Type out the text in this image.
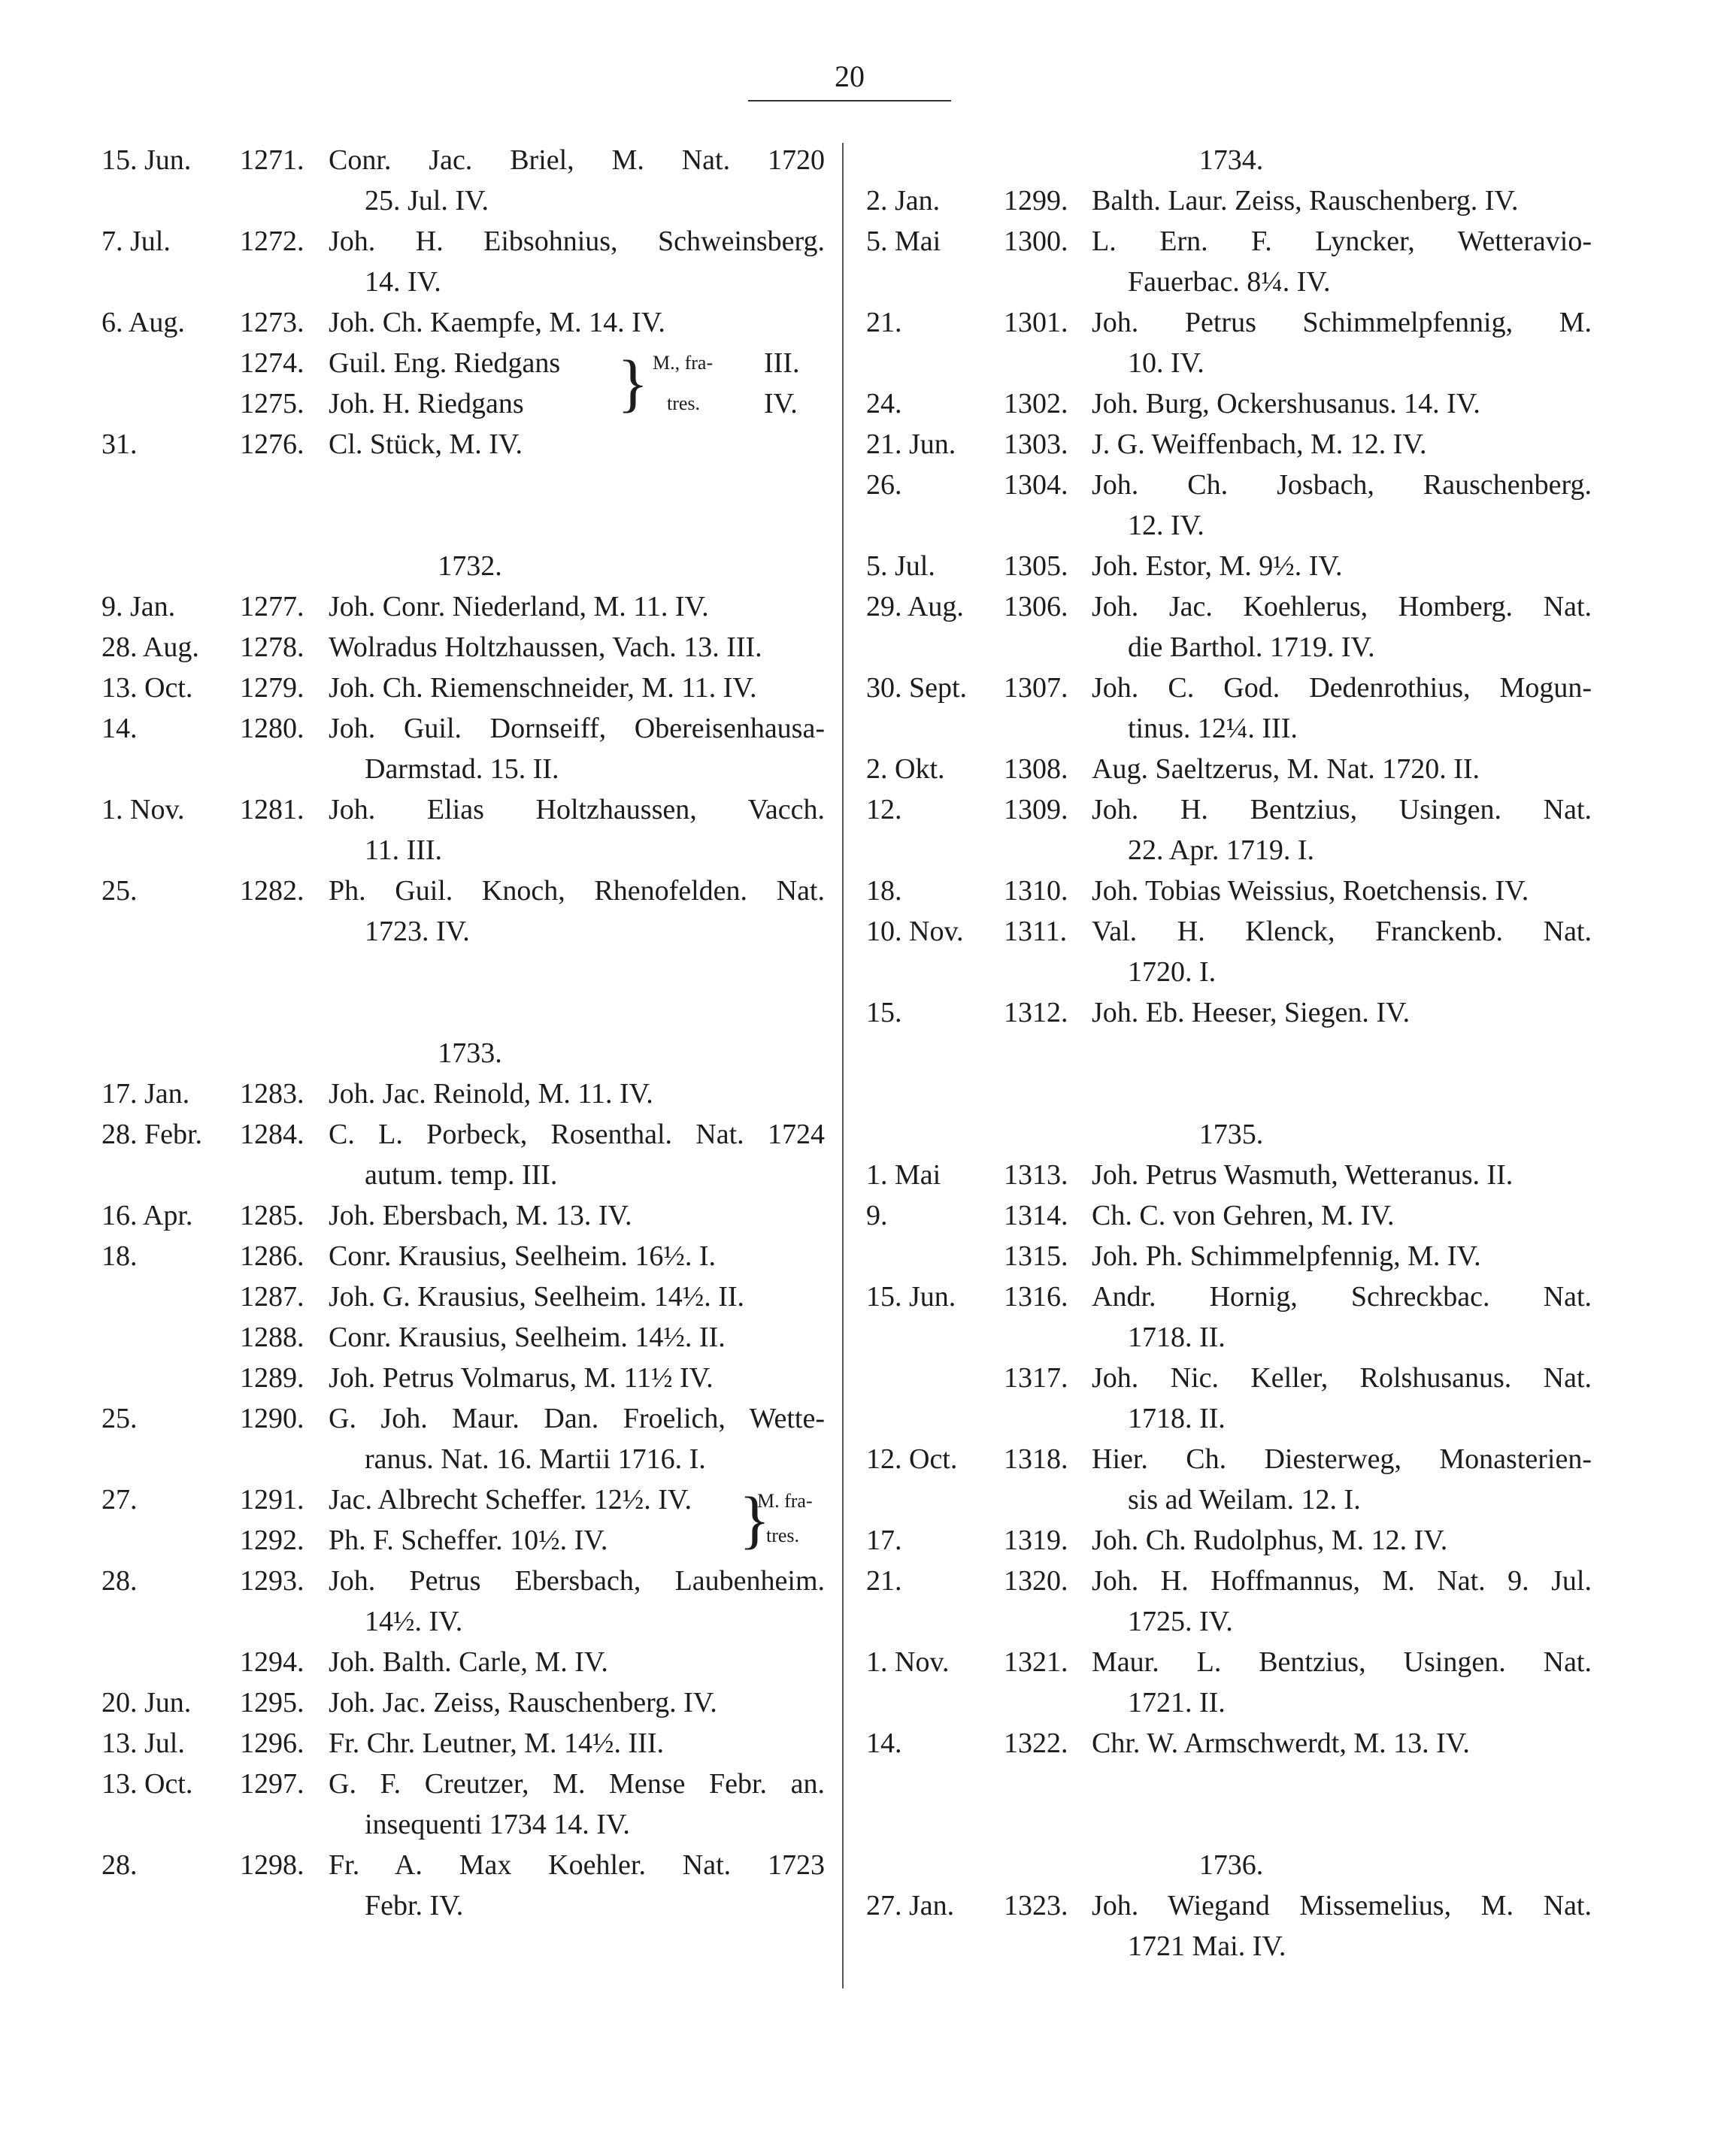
20
15. Jun.	1271. Conr. Jac. Briel, M. Nat. 1720
25. Jul. IV.
7. Jul.	1272. Joh. H. Eibsohnius, Schweinsberg.
14. IV.
6. Aug.	1273. Joh. Ch. Kaempfe, M. 14. IV.
1274. Guil. Eng. Riedgans	III.
1275. Joh. H. Riedgans	IV.
} M., fra-
tres.
31.	1276. Cl. Stück, M. IV.
1732.
9. Jan.	1277. Joh. Conr. Niederland, M. 11. IV.
28. Aug.	1278. Wolradus Holtzhaussen, Vach. 13. III.
13. Oct.	1279. Joh. Ch. Riemenschneider, M. 11. IV.
14.	1280. Joh. Guil. Dornseiff, Obereisenhausa-
Darmstad. 15. II.
1. Nov.	1281. Joh. Elias Holtzhaussen, Vacch.
11. III.
25.	1282. Ph. Guil. Knoch, Rhenofelden. Nat.
1723. IV.
1733.
17. Jan.	1283. Joh. Jac. Reinold, M. 11. IV.
28. Febr.	1284. C. L. Porbeck, Rosenthal. Nat. 1724
autum. temp. III.
16. Apr.	1285. Joh. Ebersbach, M. 13. IV.
18.	1286. Conr. Krausius, Seelheim. 16½. I.
1287. Joh. G. Krausius, Seelheim. 14½. II.
1288. Conr. Krausius, Seelheim. 14½. II.
1289. Joh. Petrus Volmarus, M. 11½ IV.
25.	1290. G. Joh. Maur. Dan. Froelich, Wette-
ranus. Nat. 16. Martii 1716. I.
27.	1291. Jac. Albrecht Scheffer. 12½. IV.
1292. Ph. F. Scheffer. 10½. IV. }
M. fra-
tres.
28.	1293. Joh. Petrus Ebersbach, Laubenheim.
14½. IV.
1294. Joh. Balth. Carle, M. IV.
20. Jun.	1295. Joh. Jac. Zeiss, Rauschenberg. IV.
13. Jul.	1296. Fr. Chr. Leutner, M. 14½. III.
13. Oct.	1297. G. F. Creutzer, M. Mense Febr. an.
insequenti 1734 14. IV.
28.	1298. Fr. A. Max Koehler. Nat. 1723
Febr. IV.
1734.
2. Jan.	1299. Balth. Laur. Zeiss, Rauschenberg. IV.
5. Mai	1300. L. Ern. F. Lyncker, Wetteravio-
Fauerbac. 8¼. IV.
21.	1301. Joh. Petrus Schimmelpfennig, M.
10. IV.
24.	1302. Joh. Burg, Ockershusanus. 14. IV.
21. Jun.	1303. J. G. Weiffenbach, M. 12. IV.
26.	1304. Joh. Ch. Josbach, Rauschenberg.
12. IV.
5. Jul.	1305. Joh. Estor, M. 9½. IV.
29. Aug.	1306. Joh. Jac. Koehlerus, Homberg. Nat.
die Barthol. 1719. IV.
30. Sept.	1307. Joh. C. God. Dedenrothius, Mogun-
tinus. 12¼. III.
2. Okt.	1308. Aug. Saeltzerus, M. Nat. 1720. II.
12.	1309. Joh. H. Bentzius, Usingen. Nat.
22. Apr. 1719. I.
18.	1310. Joh. Tobias Weissius, Roetchensis. IV.
10. Nov.	1311. Val. H. Klenck, Franckenb. Nat.
1720. I.
15.	1312. Joh. Eb. Heeser, Siegen. IV.
1735.
1. Mai	1313. Joh. Petrus Wasmuth, Wetteranus. II.
9.	1314. Ch. C. von Gehren, M. IV.
1315. Joh. Ph. Schimmelpfennig, M. IV.
15. Jun.	1316. Andr. Hornig, Schreckbac. Nat.
1718. II.
1317. Joh. Nic. Keller, Rolshusanus. Nat.
1718. II.
12. Oct.	1318. Hier. Ch. Diesterweg, Monasterien-
sis ad Weilam. 12. I.
17.	1319. Joh. Ch. Rudolphus, M. 12. IV.
21.	1320. Joh. H. Hoffmannus, M. Nat. 9. Jul.
1725. IV.
1. Nov.	1321. Maur. L. Bentzius, Usingen. Nat.
1721. II.
14.	1322. Chr. W. Armschwerdt, M. 13. IV.
1736.
27. Jan.	1323. Joh. Wiegand Missemelius, M. Nat.
1721 Mai. IV.
